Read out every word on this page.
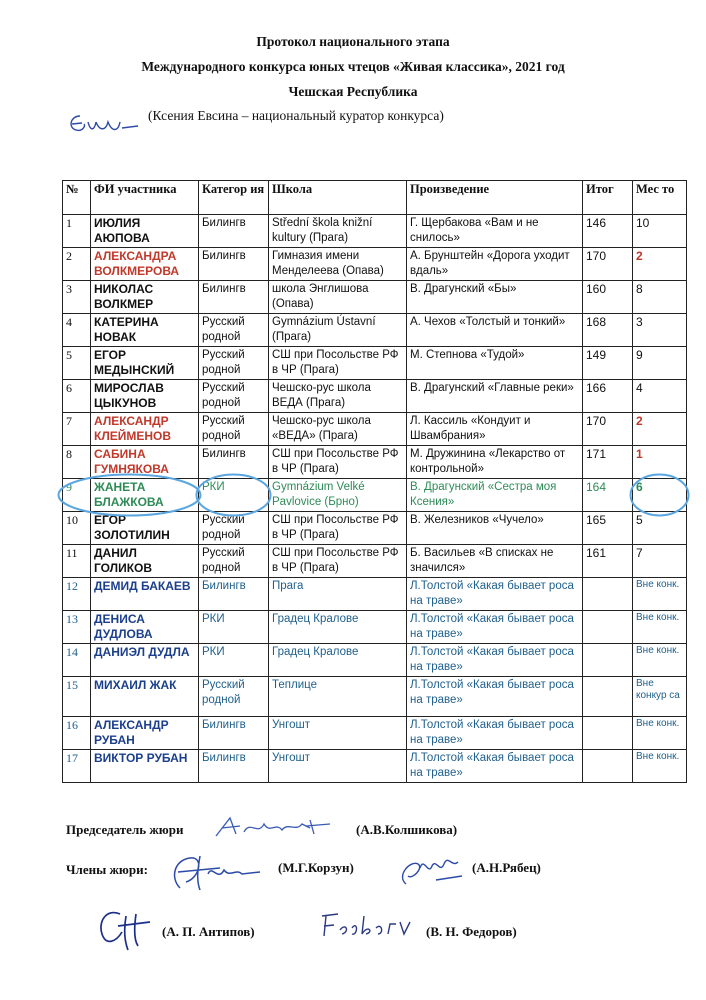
Протокол национального этапа
Международного конкурса юных чтецов «Живая классика», 2021 год
Чешская Республика
(Ксения Евсина – национальный куратор конкурса)
№	ФИ участника	Категор ия	Школа	Произведение	Итог	Мес то
1	ИЮЛИЯ АЮПОВА	Билингв	Střední škola knižní kultury (Прага)	Г. Щербакова «Вам и не снилось»	146	10
2	АЛЕКСАНДРА ВОЛКМЕРОВА	Билингв	Гимназия имени Менделеева (Опава)	А. Брунштейн «Дорога уходит вдаль»	170	2
3	НИКОЛАС ВОЛКМЕР	Билингв	школа Энглишова (Опава)	В. Драгунский «Бы»	160	8
4	КАТЕРИНА НОВАК	Русский родной	Gymnázium Ústavní (Прага)	А. Чехов «Толстый и тонкий»	168	3
5	ЕГОР МЕДЫНСКИЙ	Русский родной	СШ при Посольстве РФ в ЧР (Прага)	М. Степнова «Тудой»	149	9
6	МИРОСЛАВ ЦЫКУНОВ	Русский родной	Чешско-рус школа ВЕДА (Прага)	В. Драгунский «Главные реки»	166	4
7	АЛЕКСАНДР КЛЕЙМЕНОВ	Русский родной	Чешско-рус школа «ВЕДА» (Прага)	Л. Кассиль «Кондуит и Швамбрания»	170	2
8	САБИНА ГУМНЯКОВА	Билингв	СШ при Посольстве РФ в ЧР (Прага)	М. Дружинина «Лекарство от контрольной»	171	1
9	ЖАНЕТА БЛАЖКОВА	РКИ	Gymnázium Velké Pavlovice (Брно)	В. Драгунский «Сестра моя Ксения»	164	6
10	ЕГОР ЗОЛОТИЛИН	Русский родной	СШ при Посольстве РФ в ЧР (Прага)	В. Железников «Чучело»	165	5
11	ДАНИЛ ГОЛИКОВ	Русский родной	СШ при Посольстве РФ в ЧР (Прага)	Б. Васильев «В списках не значился»	161	7
12	ДЕМИД БАКАЕВ	Билингв	Прага	Л.Толстой «Какая бывает роса на траве»		Вне конк.
13	ДЕНИСА ДУДЛОВА	РКИ	Градец Кралове	Л.Толстой «Какая бывает роса на траве»		Вне конк.
14	ДАНИЭЛ ДУДЛА	РКИ	Градец Кралове	Л.Толстой «Какая бывает роса на траве»		Вне конк.
15	МИХАИЛ ЖАК	Русский родной	Теплице	Л.Толстой «Какая бывает роса на траве»		Вне конкур са
16	АЛЕКСАНДР РУБАН	Билингв	Унгошт	Л.Толстой «Какая бывает роса на траве»		Вне конк.
17	ВИКТОР РУБАН	Билингв	Унгошт	Л.Толстой «Какая бывает роса на траве»		Вне конк.
Председатель жюри	(А.В.Колшикова)
Члены жюри:	(М.Г.Корзун)	(А.Н.Рябец)
(А. П. Антипов)	(В. Н. Федоров)
